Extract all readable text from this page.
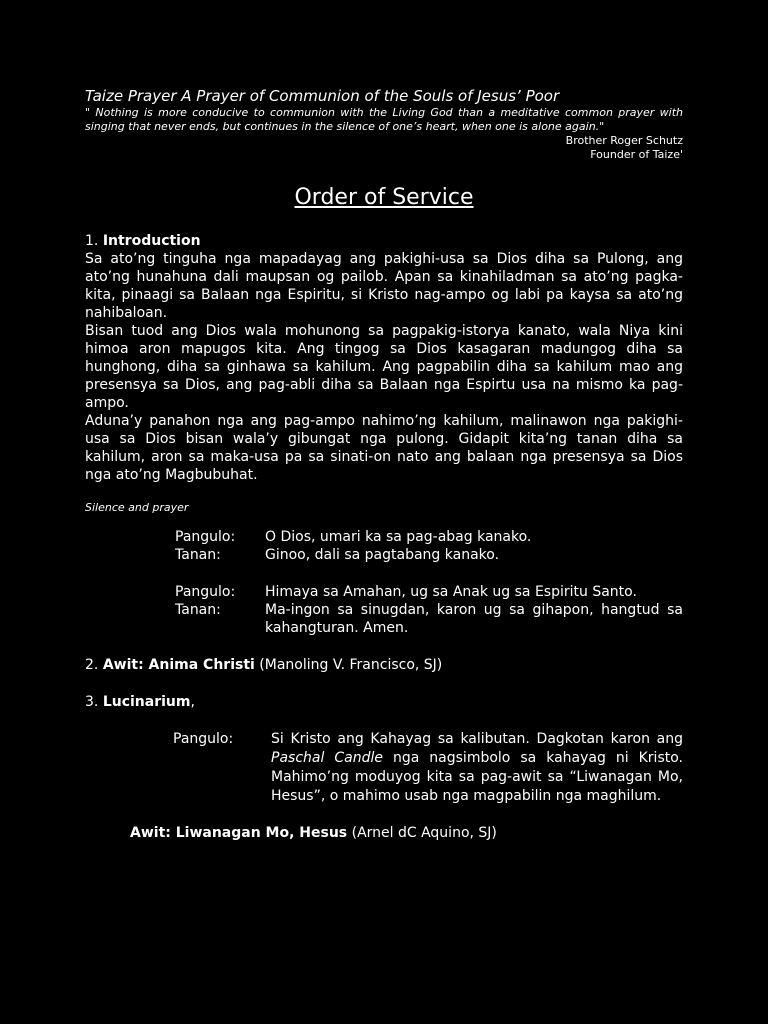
Taize Prayer A Prayer of Communion of the Souls of Jesus’ Poor

" Nothing is more conducive to communion with the Living God than a meditative common prayer with singing that never ends, but continues in the silence of one’s heart, when one is alone again."

Brother Roger Schutz
Founder of Taize'
Order of Service
1. Introduction

Sa ato’ng tinguha nga mapadayag ang pakighi-usa sa Dios diha sa Pulong, ang ato’ng hunahuna dali maupsan og pailob. Apan sa kinahiladman sa ato’ng pagka-kita, pinaagi sa Balaan nga Espiritu, si Kristo nag-ampo og labi pa kaysa sa ato’ng nahibaloan.

Bisan tuod ang Dios wala mohunong sa pagpakig-istorya kanato, wala Niya kini himoa aron mapugos kita. Ang tingog sa Dios kasagaran madungog diha sa hunghong, diha sa ginhawa sa kahilum. Ang pagpabilin diha sa kahilum mao ang presensya sa Dios, ang pag-abli diha sa Balaan nga Espirtu usa na mismo ka pag-ampo.

Aduna’y panahon nga ang pag-ampo nahimo’ng kahilum, malinawon nga pakighi-usa sa Dios bisan wala’y gibungat nga pulong. Gidapit kita’ng tanan diha sa kahilum, aron sa maka-usa pa sa sinati-on nato ang balaan nga presensya sa Dios nga ato’ng Magbubuhat.

Silence and prayer
Pangulo:	O Dios, umari ka sa pag-abag kanako.
Tanan:	Ginoo, dali sa pagtabang kanako.
Pangulo:	Himaya sa Amahan, ug sa Anak ug sa Espiritu Santo.
Tanan:	Ma-ingon sa sinugdan, karon ug sa gihapon, hangtud sa kahangturan. Amen.
2. Awit: Anima Christi (Manoling V. Francisco, SJ)
3. Lucinarium,
Pangulo:	Si Kristo ang Kahayag sa kalibutan. Dagkotan karon ang Paschal Candle nga nagsimbolo sa kahayag ni Kristo. Mahimo’ng moduyog kita sa pag-awit sa “Liwanagan Mo, Hesus”, o mahimo usab nga magpabilin nga maghilum.
Awit: Liwanagan Mo, Hesus (Arnel dC Aquino, SJ)
